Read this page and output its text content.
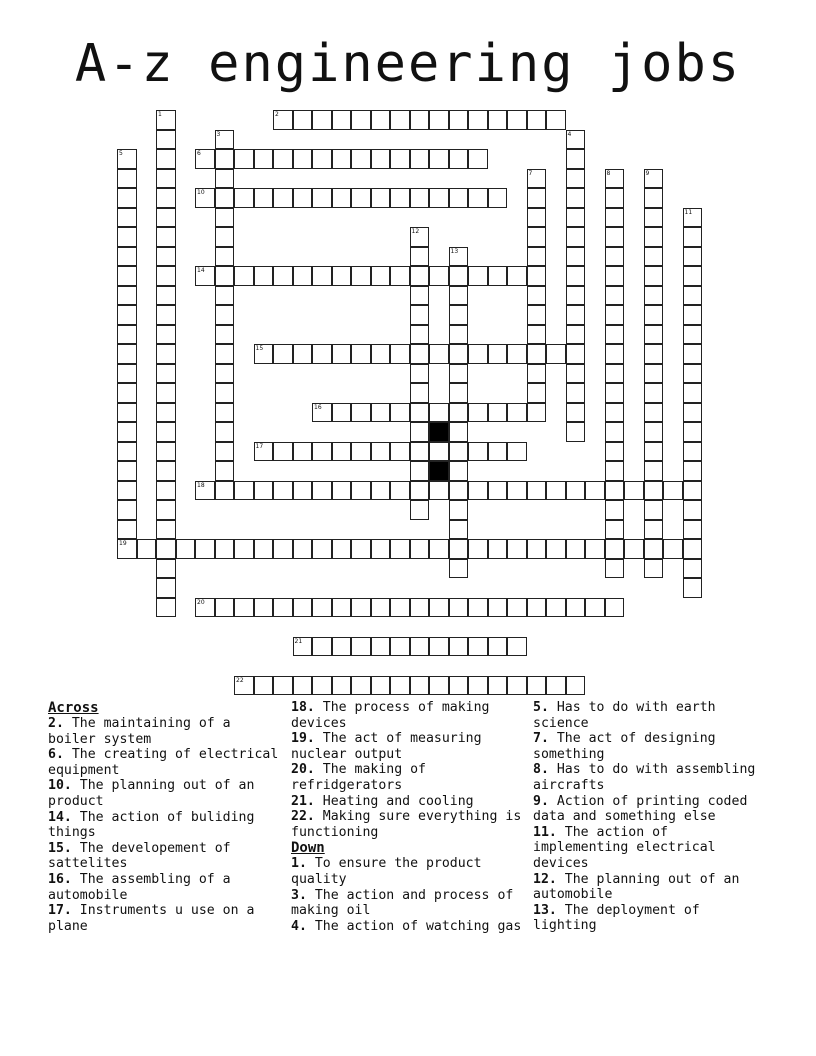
A-z engineering jobs
2
6
10
14
15
16
17
18
19
20
21
22
1
3	4
5
7	8	9
11
12
13
Across
2. The maintaining of a boiler system
6. The creating of electrical equipment
10. The planning out of an product
14. The action of buliding things
15. The developement of sattelites
16. The assembling of a automobile
17. Instruments u use on a plane
18. The process of making devices
19. The act of measuring nuclear output
20. The making of refridgerators
21. Heating and cooling
22. Making sure everything is functioning
Down
1. To ensure the product quality
3. The action and process of making oil
4. The action of watching gas
5. Has to do with earth science
7. The act of designing something
8. Has to do with assembling aircrafts
9. Action of printing coded data and something else
11. The action of implementing electrical devices
12. The planning out of an automobile
13. The deployment of lighting
